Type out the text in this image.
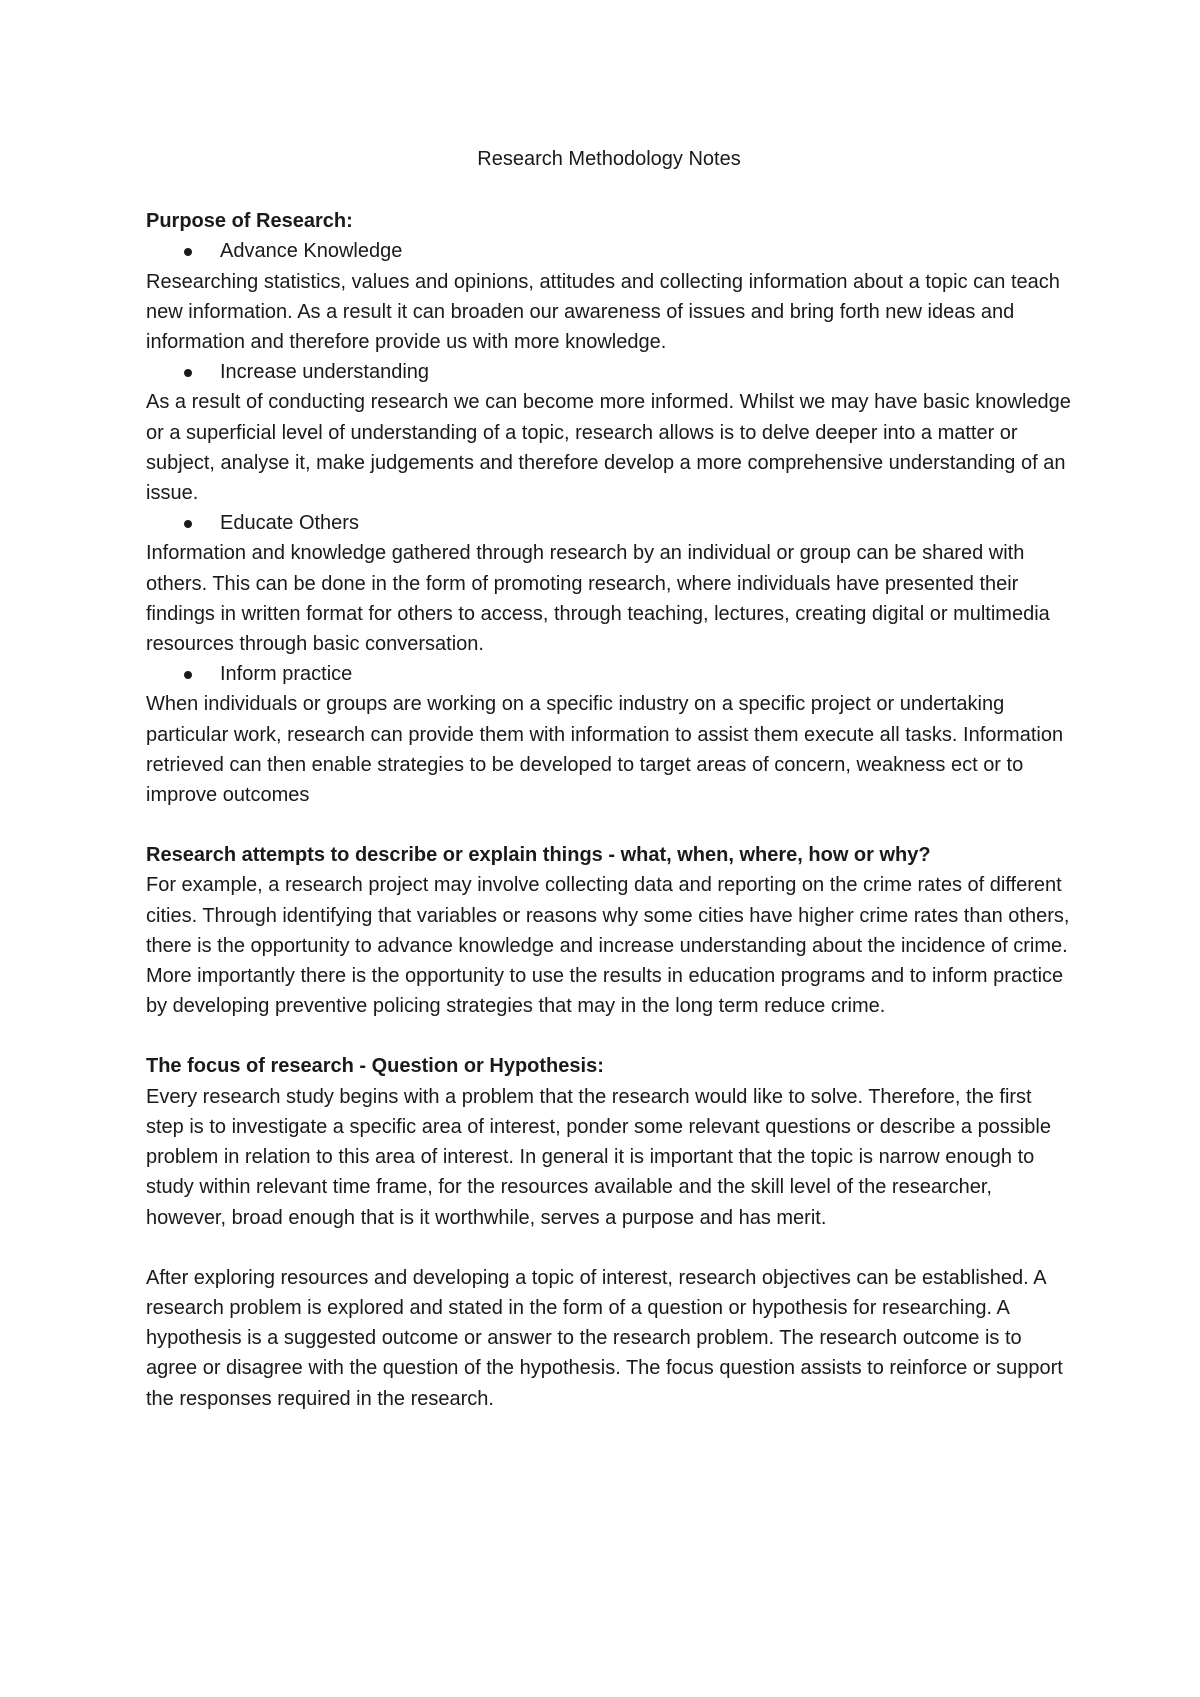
Research Methodology Notes

Purpose of Research:

Advance Knowledge

Researching statistics, values and opinions, attitudes and collecting information about a topic can teach new information. As a result it can broaden our awareness of issues and bring forth new ideas and information and therefore provide us with more knowledge.

Increase understanding

As a result of conducting research we can become more informed. Whilst we may have basic knowledge or a superficial level of understanding of a topic, research allows is to delve deeper into a matter or subject, analyse it, make judgements and therefore develop a more comprehensive understanding of an issue.

Educate Others

Information and knowledge gathered through research by an individual or group can be shared with others. This can be done in the form of promoting research, where individuals have presented their findings in written format for others to access, through teaching, lectures, creating digital or multimedia resources through basic conversation.

Inform practice

When individuals or groups are working on a specific industry on a specific project or undertaking particular work, research can provide them with information to assist them execute all tasks. Information retrieved can then enable strategies to be developed to target areas of concern, weakness ect or to improve outcomes

Research attempts to describe or explain things - what, when, where, how or why?

For example, a research project may involve collecting data and reporting on the crime rates of different cities. Through identifying that variables or reasons why some cities have higher crime rates than others, there is the opportunity to advance knowledge and increase understanding about the incidence of crime. More importantly there is the opportunity to use the results in education programs and to inform practice by developing preventive policing strategies that may in the long term reduce crime.

The focus of research - Question or Hypothesis:

Every research study begins with a problem that the research would like to solve. Therefore, the first step is to investigate a specific area of interest, ponder some relevant questions or describe a possible problem in relation to this area of interest. In general it is important that the topic is narrow enough to study within relevant time frame, for the resources available and the skill level of the researcher, however, broad enough that is it worthwhile, serves a purpose and has merit.

After exploring resources and developing a topic of interest, research objectives can be established. A research problem is explored and stated in the form of a question or hypothesis for researching. A hypothesis is a suggested outcome or answer to the research problem. The research outcome is to agree or disagree with the question of the hypothesis. The focus question assists to reinforce or support the responses required in the research.
